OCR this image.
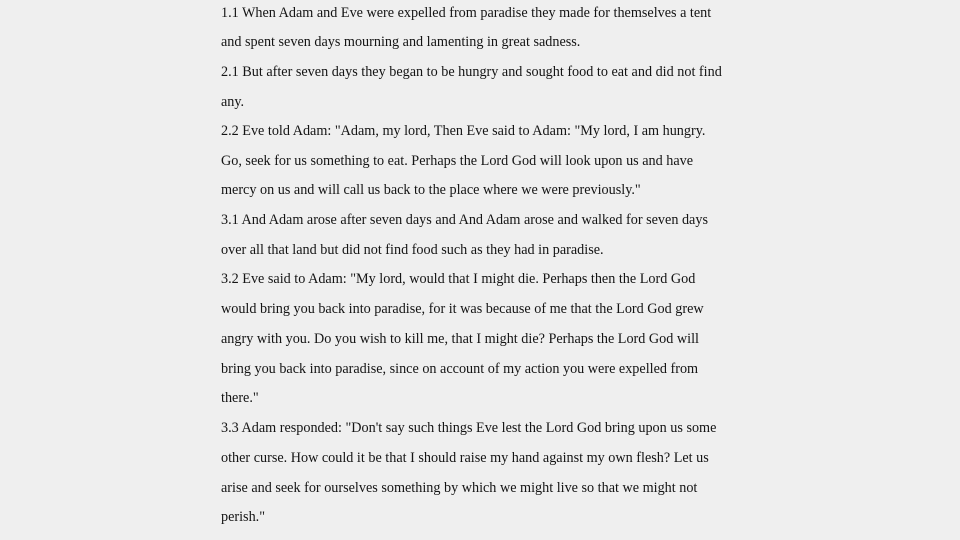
1.1 When Adam and Eve were expelled from paradise they made for themselves a tent
and spent seven days mourning and lamenting in great sadness.
2.1 But after seven days they began to be hungry and sought food to eat and did not find
any.
2.2 Eve told Adam: "Adam, my lord, Then Eve said to Adam: "My lord, I am hungry.
Go, seek for us something to eat. Perhaps the Lord God will look upon us and have
mercy on us and will call us back to the place where we were previously."
3.1 And Adam arose after seven days and And Adam arose and walked for seven days
over all that land but did not find food such as they had in paradise.
3.2 Eve said to Adam: "My lord, would that I might die. Perhaps then the Lord God
would bring you back into paradise, for it was because of me that the Lord God grew
angry with you. Do you wish to kill me, that I might die? Perhaps the Lord God will
bring you back into paradise, since on account of my action you were expelled from
there."
3.3 Adam responded: "Don't say such things Eve lest the Lord God bring upon us some
other curse. How could it be that I should raise my hand against my own flesh? Let us
arise and seek for ourselves something by which we might live so that we might not
perish."
